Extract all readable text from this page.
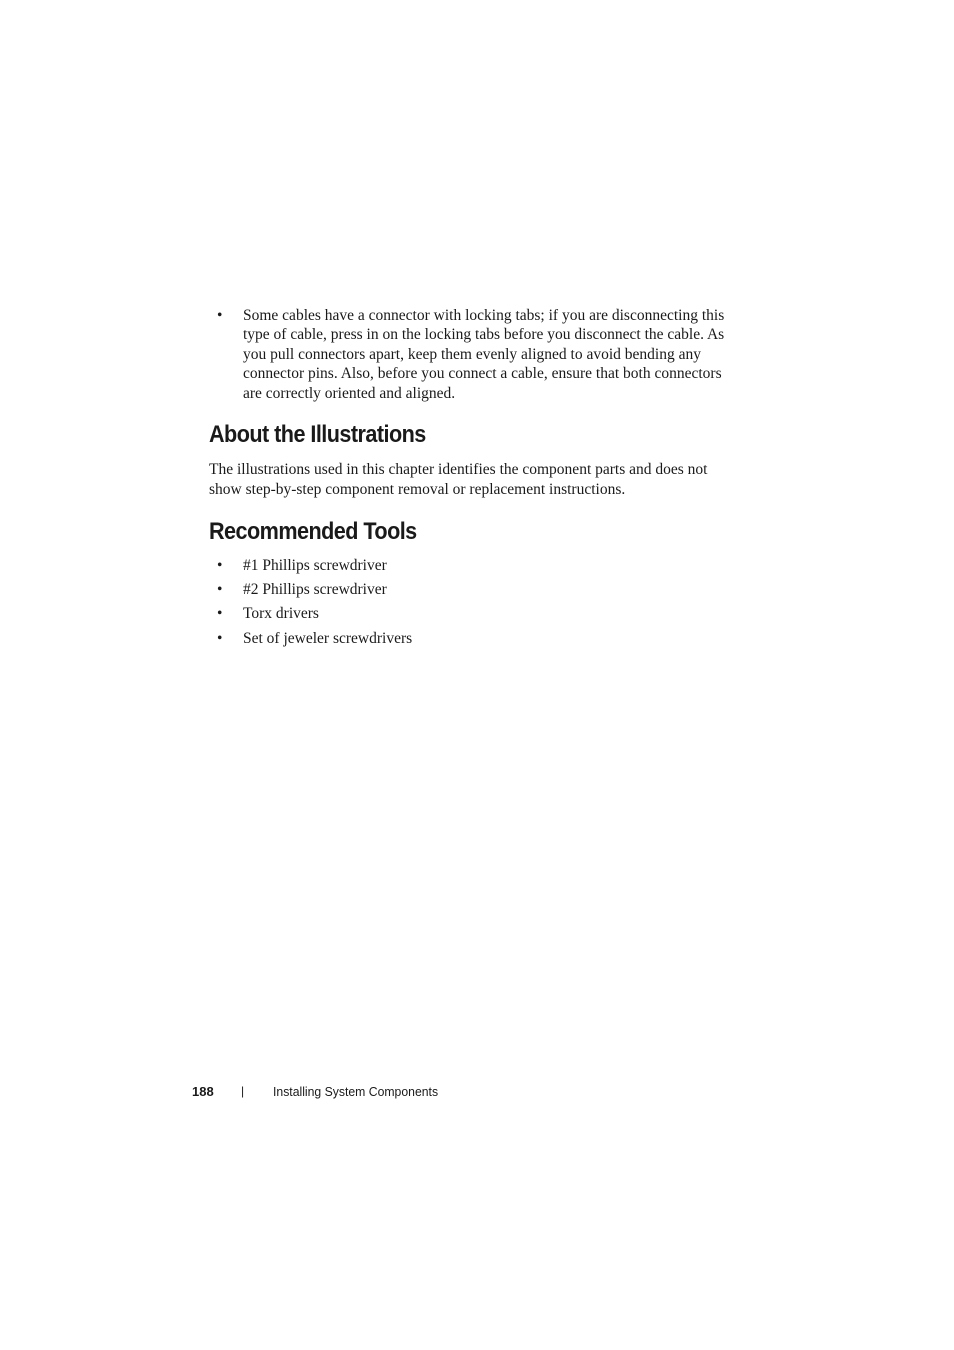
• Some cables have a connector with locking tabs; if you are disconnecting this type of cable, press in on the locking tabs before you disconnect the cable. As you pull connectors apart, keep them evenly aligned to avoid bending any connector pins. Also, before you connect a cable, ensure that both connectors are correctly oriented and aligned.
About the Illustrations

The illustrations used in this chapter identifies the component parts and does not show step-by-step component removal or replacement instructions.

Recommended Tools
• #1 Phillips screwdriver
• #2 Phillips screwdriver
• Torx drivers
• Set of jeweler screwdrivers
188 | Installing System Components
